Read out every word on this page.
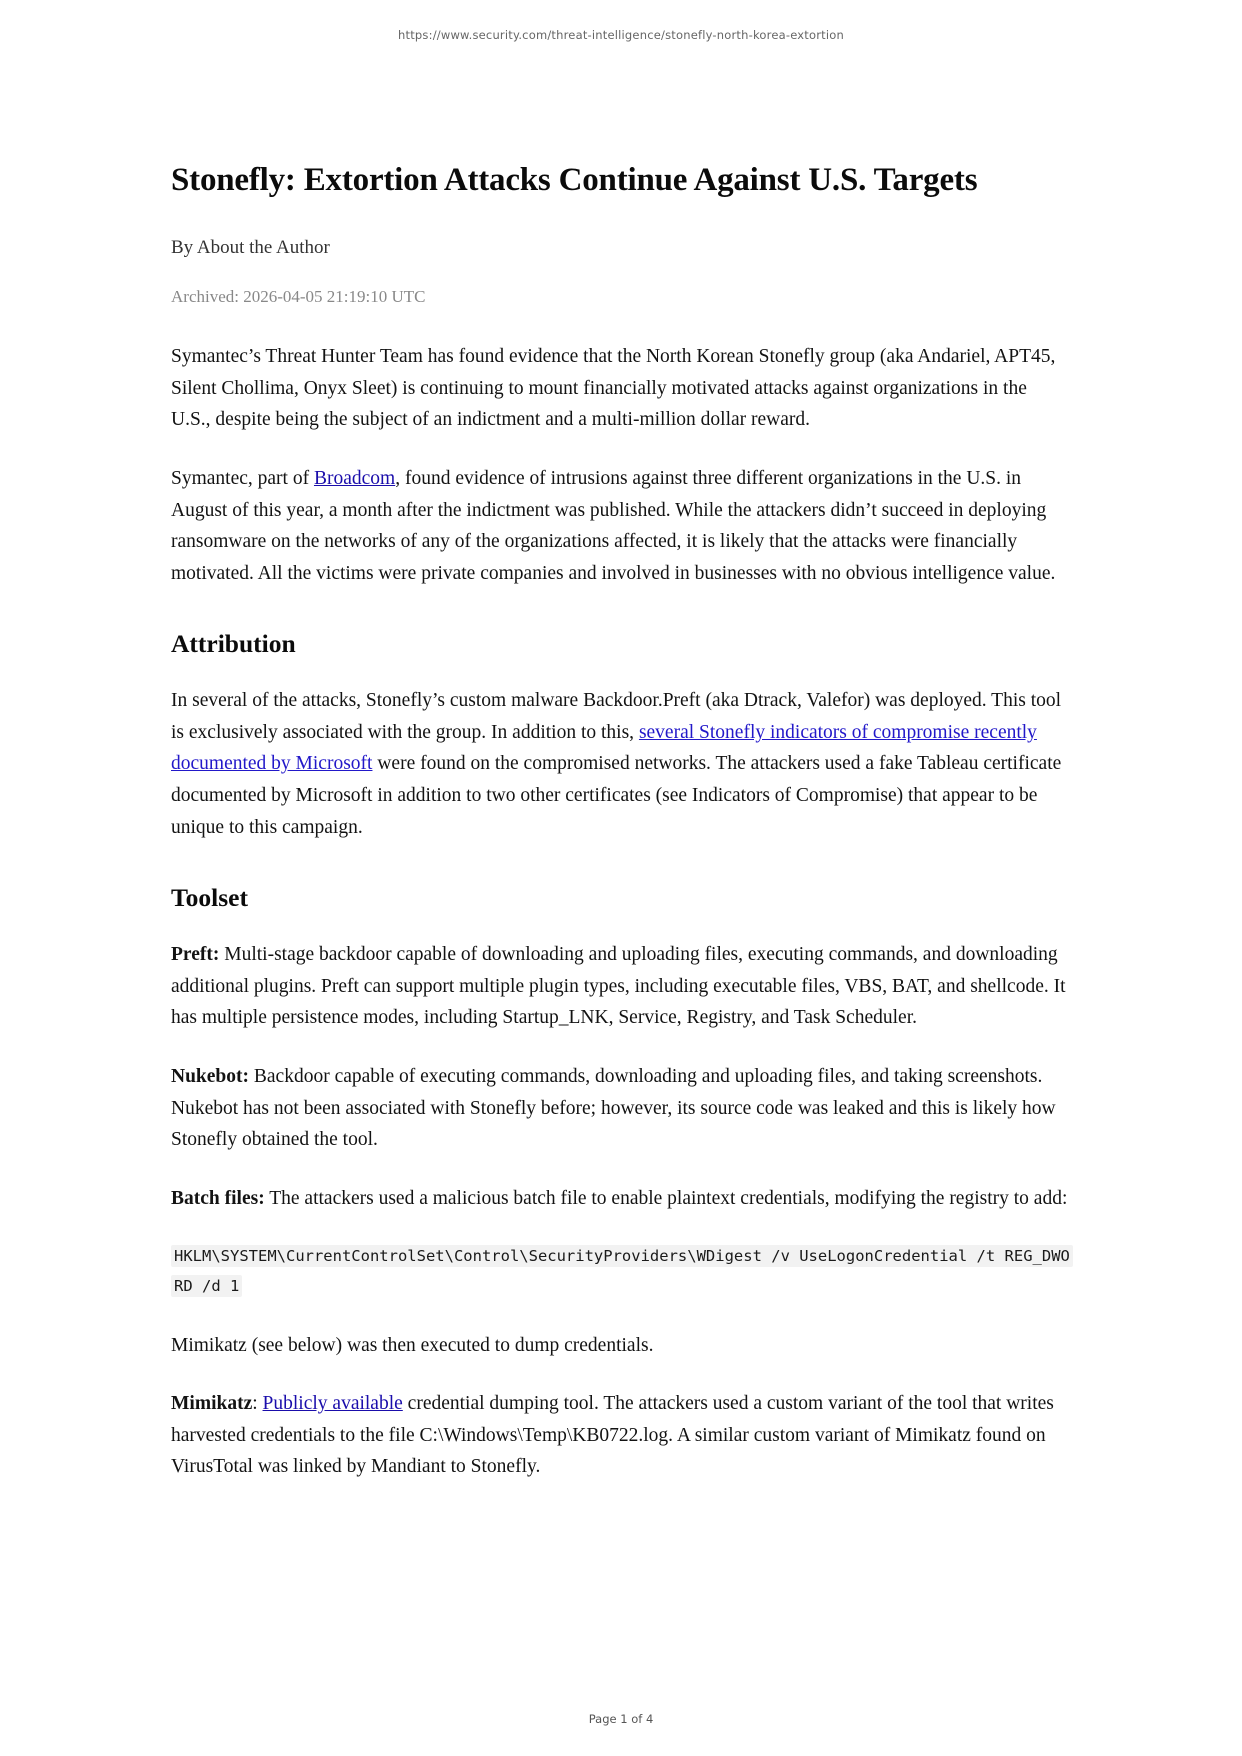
https://www.security.com/threat-intelligence/stonefly-north-korea-extortion
Stonefly: Extortion Attacks Continue Against U.S. Targets

By About the Author

Archived: 2026-04-05 21:19:10 UTC

Symantec’s Threat Hunter Team has found evidence that the North Korean Stonefly group (aka Andariel, APT45, Silent Chollima, Onyx Sleet) is continuing to mount financially motivated attacks against organizations in the U.S., despite being the subject of an indictment and a multi-million dollar reward.

Symantec, part of Broadcom, found evidence of intrusions against three different organizations in the U.S. in August of this year, a month after the indictment was published. While the attackers didn’t succeed in deploying ransomware on the networks of any of the organizations affected, it is likely that the attacks were financially motivated. All the victims were private companies and involved in businesses with no obvious intelligence value.

Attribution

In several of the attacks, Stonefly’s custom malware Backdoor.Preft (aka Dtrack, Valefor) was deployed. This tool is exclusively associated with the group. In addition to this, several Stonefly indicators of compromise recently documented by Microsoft were found on the compromised networks. The attackers used a fake Tableau certificate documented by Microsoft in addition to two other certificates (see Indicators of Compromise) that appear to be unique to this campaign.

Toolset

Preft: Multi-stage backdoor capable of downloading and uploading files, executing commands, and downloading additional plugins. Preft can support multiple plugin types, including executable files, VBS, BAT, and shellcode. It has multiple persistence modes, including Startup_LNK, Service, Registry, and Task Scheduler.

Nukebot: Backdoor capable of executing commands, downloading and uploading files, and taking screenshots. Nukebot has not been associated with Stonefly before; however, its source code was leaked and this is likely how Stonefly obtained the tool.

Batch files: The attackers used a malicious batch file to enable plaintext credentials, modifying the registry to add:

HKLM\SYSTEM\CurrentControlSet\Control\SecurityProviders\WDigest /v UseLogonCredential /t REG_DWORD /d 1

Mimikatz (see below) was then executed to dump credentials.

Mimikatz: Publicly available credential dumping tool. The attackers used a custom variant of the tool that writes harvested credentials to the file C:\Windows\Temp\KB0722.log. A similar custom variant of Mimikatz found on VirusTotal was linked by Mandiant to Stonefly.

Page 1 of 4
